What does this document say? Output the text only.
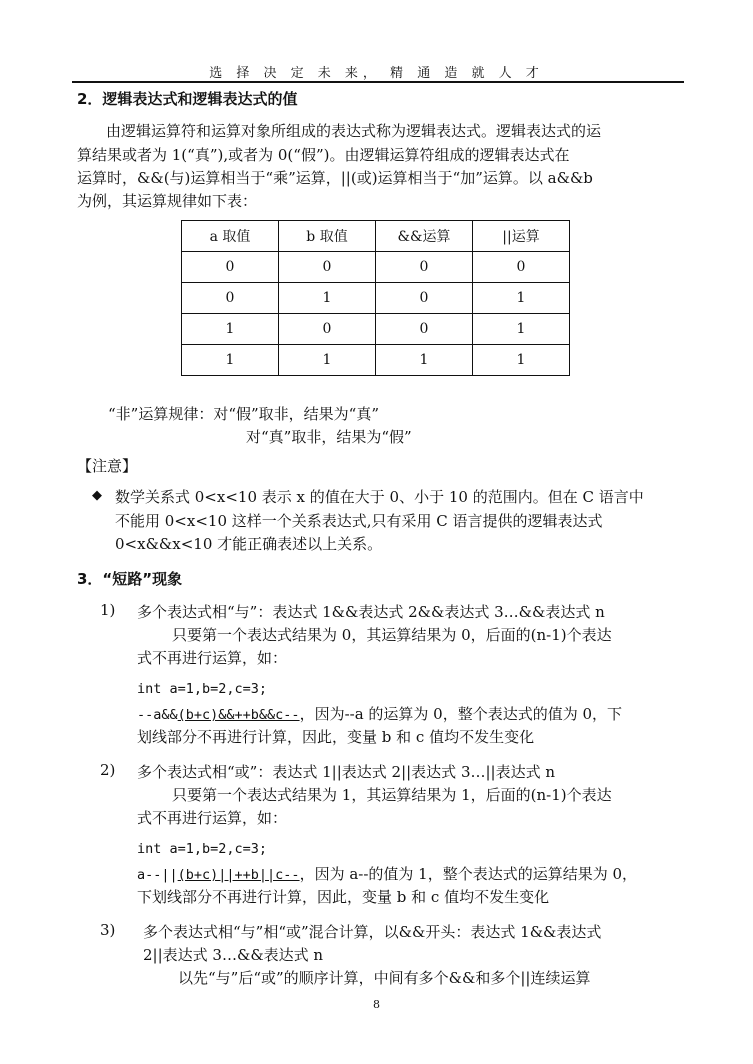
选 择 决 定 未 来， 精 通 造 就 人 才
2．逻辑表达式和逻辑表达式的值
由逻辑运算符和运算对象所组成的表达式称为逻辑表达式。逻辑表达式的运
算结果或者为 1(“真”),或者为 0(“假”)。由逻辑运算符组成的逻辑表达式在
运算时，&&(与)运算相当于“乘”运算，||(或)运算相当于“加”运算。以 a&&b
为例，其运算规律如下表：
a 取值	b 取值	&&运算	||运算
0	0	0	0
0	1	0	1
1	0	0	1
1	1	1	1
“非”运算规律：对“假”取非，结果为“真”
对“真”取非，结果为“假”
【注意】
◆ 数学关系式 0<x<10 表示 x 的值在大于 0、小于 10 的范围内。但在 C 语言中
不能用 0<x<10 这样一个关系表达式,只有采用 C 语言提供的逻辑表达式
0<x&&x<10 才能正确表述以上关系。
3．“短路”现象
1) 多个表达式相“与”：表达式 1&&表达式 2&&表达式 3…&&表达式 n
只要第一个表达式结果为 0，其运算结果为 0，后面的(n-1)个表达
式不再进行运算，如：
int a=1,b=2,c=3;
--a&&(b+c)&&++b&&c--，因为--a 的运算为 0，整个表达式的值为 0，下
划线部分不再进行计算，因此，变量 b 和 c 值均不发生变化
2) 多个表达式相“或”：表达式 1||表达式 2||表达式 3…||表达式 n
只要第一个表达式结果为 1，其运算结果为 1，后面的(n-1)个表达
式不再进行运算，如：
int a=1,b=2,c=3;
a--||(b+c)||++b||c--，因为 a--的值为 1，整个表达式的运算结果为 0，
下划线部分不再进行计算，因此，变量 b 和 c 值均不发生变化
3) 多个表达式相“与”相“或”混合计算，以&&开头：表达式 1&&表达式
2||表达式 3…&&表达式 n
以先“与”后“或”的顺序计算，中间有多个&&和多个||连续运算
8
